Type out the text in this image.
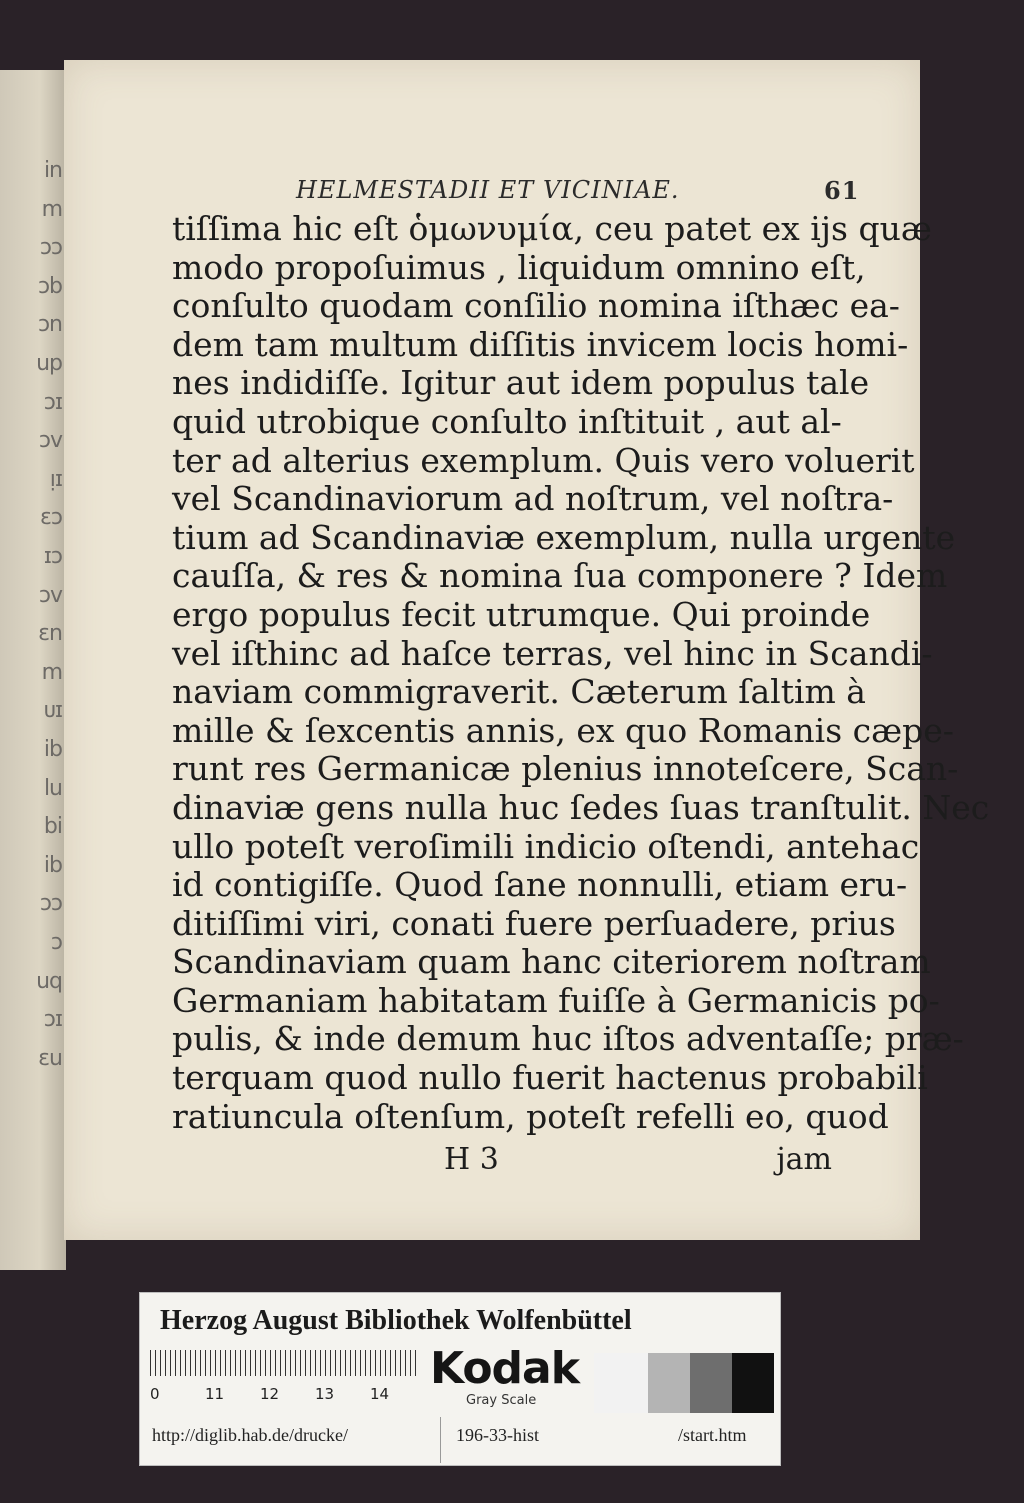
in
m
ɔɔ
ɔb
ɔn
up
ɔɪ
ɔv
ᴉɪ
ɛɔ
ɪɔ
ɔv
ɛn
m
ᴜɪ
ib
lu
bi
ib
ɔɔ
ɔ
uq
ɔɪ
ɛu
HELMESTADII ET VICINIAE.	61
tiſſima hic eſt ὁμωνυμία, ceu patet ex ijs quæ
modo propoſuimus , liquidum omnino eſt,
conſulto quodam conſilio nomina iſthæc ea-
dem tam multum diſſitis invicem locis homi-
nes indidiſſe. Igitur aut idem populus tale
quid utrobique conſulto inſtituit , aut al-
ter ad alterius exemplum. Quis vero voluerit
vel Scandinaviorum ad noſtrum, vel noſtra-
tium ad Scandinaviæ exemplum, nulla urgente
cauſſa, & res & nomina ſua componere ? Idem
ergo populus fecit utrumque. Qui proinde
vel iſthinc ad haſce terras, vel hinc in Scandi-
naviam commigraverit. Cæterum ſaltim à
mille & ſexcentis annis, ex quo Romanis cæpe-
runt res Germanicæ plenius innoteſcere, Scan-
dinaviæ gens nulla huc ſedes ſuas tranſtulit. Nec
ullo poteſt veroſimili indicio oſtendi, antehac
id contigiſſe. Quod ſane nonnulli, etiam eru-
ditiſſimi viri, conati fuere perſuadere, prius
Scandinaviam quam hanc citeriorem noſtram
Germaniam habitatam fuiſſe à Germanicis po-
pulis, & inde demum huc iſtos adventaſſe; præ-
terquam quod nullo fuerit hactenus probabili
ratiuncula oſtenſum, poteſt refelli eo, quod
H 3	jam
Herzog August Bibliothek Wolfenbüttel
0	11 12 13 14 Kodak
Gray Scale
http://diglib.hab.de/drucke/	196-33-hist	/start.htm
